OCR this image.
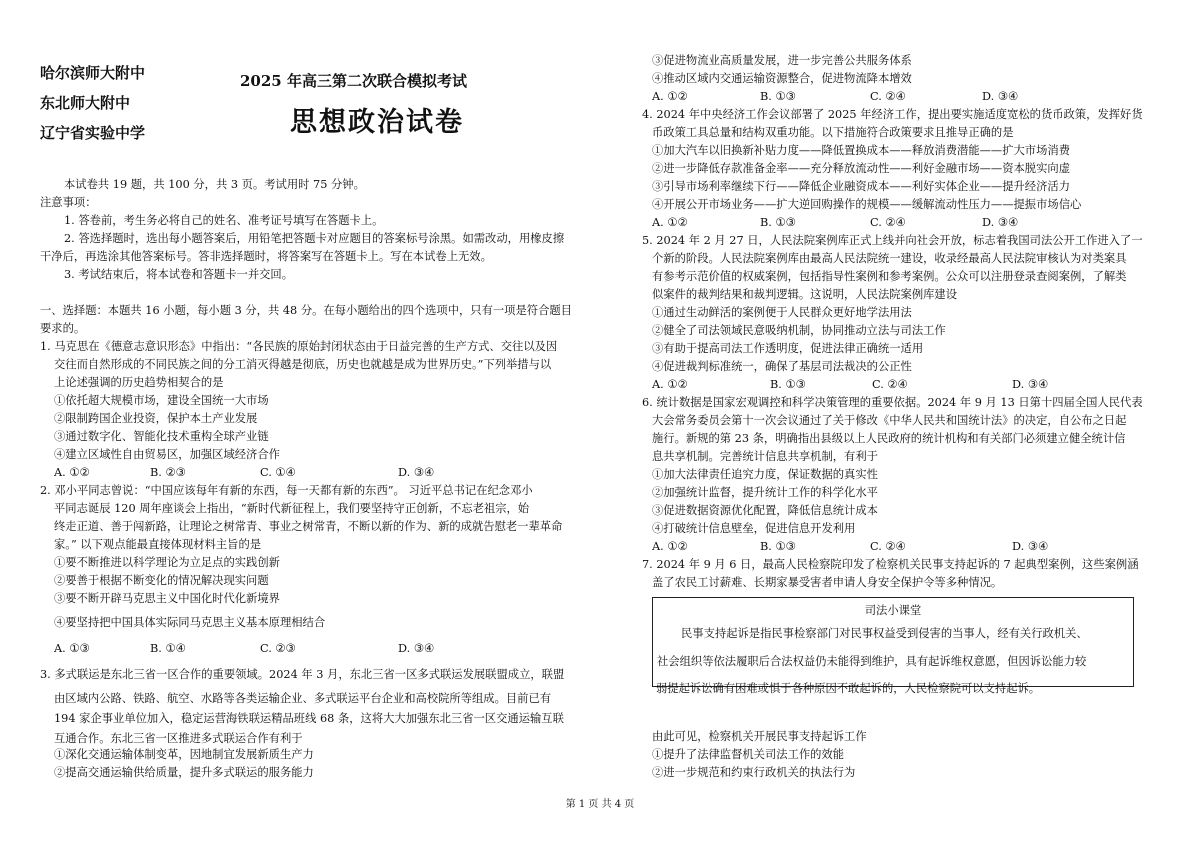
哈尔滨师大附中
东北师大附中
辽宁省实验中学
2025 年高三第二次联合模拟考试
思想政治试卷
本试卷共 19 题，共 100 分，共 3 页。考试用时 75 分钟。
注意事项：
1. 答卷前，考生务必将自己的姓名、准考证号填写在答题卡上。
2. 答选择题时，选出每小题答案后，用铅笔把答题卡对应题目的答案标号涂黑。如需改动，用橡皮擦
干净后，再选涂其他答案标号。答非选择题时，将答案写在答题卡上。写在本试卷上无效。
3. 考试结束后，将本试卷和答题卡一并交回。
一、选择题：本题共 16 小题，每小题 3 分，共 48 分。在每小题给出的四个选项中，只有一项是符合题目
要求的。
1. 马克思在《德意志意识形态》中指出：“各民族的原始封闭状态由于日益完善的生产方式、交往以及因
交往而自然形成的不同民族之间的分工消灭得越是彻底，历史也就越是成为世界历史。”下列举措与以
上论述强调的历史趋势相契合的是
①依托超大规模市场，建设全国统一大市场
②限制跨国企业投资，保护本土产业发展
③通过数字化、智能化技术重构全球产业链
④建立区域性自由贸易区，加强区域经济合作
A. ①②	B. ②③	C. ①④	D. ③④
2. 邓小平同志曾说：“中国应该每年有新的东西，每一天都有新的东西”。 习近平总书记在纪念邓小
平同志诞辰 120 周年座谈会上指出，“新时代新征程上，我们要坚持守正创新，不忘老祖宗，始
终走正道、善于闯新路，让理论之树常青、事业之树常青，不断以新的作为、新的成就告慰老一辈革命
家。” 以下观点能最直接体现材料主旨的是
①要不断推进以科学理论为立足点的实践创新
②要善于根据不断变化的情况解决现实问题
③要不断开辟马克思主义中国化时代化新境界
④要坚持把中国具体实际同马克思主义基本原理相结合
A. ①③	B. ①④	C. ②③	D. ③④
3. 多式联运是东北三省一区合作的重要领域。2024 年 3 月，东北三省一区多式联运发展联盟成立，联盟
由区域内公路、铁路、航空、水路等各类运输企业、多式联运平台企业和高校院所等组成。目前已有
194 家企事业单位加入，稳定运营海铁联运精品班线 68 条，这将大大加强东北三省一区交通运输互联
互通合作。东北三省一区推进多式联运合作有利于
①深化交通运输体制变革，因地制宜发展新质生产力
②提高交通运输供给质量，提升多式联运的服务能力
③促进物流业高质量发展，进一步完善公共服务体系
④推动区域内交通运输资源整合，促进物流降本增效
A. ①②	B. ①③	C. ②④	D. ③④
4. 2024 年中央经济工作会议部署了 2025 年经济工作，提出要实施适度宽松的货币政策，发挥好货
币政策工具总量和结构双重功能。以下措施符合政策要求且推导正确的是
①加大汽车以旧换新补贴力度——降低置换成本——释放消费潜能——扩大市场消费
②进一步降低存款准备金率——充分释放流动性——利好金融市场——资本脱实向虚
③引导市场利率继续下行——降低企业融资成本——利好实体企业——提升经济活力
④开展公开市场业务——扩大逆回购操作的规模——缓解流动性压力——提振市场信心
A. ①②	B. ①③	C. ②④	D. ③④
5. 2024 年 2 月 27 日，人民法院案例库正式上线并向社会开放，标志着我国司法公开工作进入了一
个新的阶段。人民法院案例库由最高人民法院统一建设，收录经最高人民法院审核认为对类案具
有参考示范价值的权威案例，包括指导性案例和参考案例。公众可以注册登录查阅案例，了解类
似案件的裁判结果和裁判逻辑。这说明，人民法院案例库建设
①通过生动鲜活的案例便于人民群众更好地学法用法
②健全了司法领域民意吸纳机制，协同推动立法与司法工作
③有助于提高司法工作透明度，促进法律正确统一适用
④促进裁判标准统一，确保了基层司法裁决的公正性
A. ①②	B. ①③	C. ②④	D. ③④
6. 统计数据是国家宏观调控和科学决策管理的重要依据。2024 年 9 月 13 日第十四届全国人民代表
大会常务委员会第十一次会议通过了关于修改《中华人民共和国统计法》的决定，自公布之日起
施行。新规的第 23 条，明确指出县级以上人民政府的统计机构和有关部门必须建立健全统计信
息共享机制。完善统计信息共享机制，有利于
①加大法律责任追究力度，保证数据的真实性
②加强统计监督，提升统计工作的科学化水平
③促进数据资源优化配置，降低信息统计成本
④打破统计信息壁垒，促进信息开发利用
A. ①②	B. ①③	C. ②④	D. ③④
7. 2024 年 9 月 6 日，最高人民检察院印发了检察机关民事支持起诉的 7 起典型案例，这些案例涵
盖了农民工讨薪难、长期家暴受害者申请人身安全保护令等多种情况。
司法小课堂
民事支持起诉是指民事检察部门对民事权益受到侵害的当事人，经有关行政机关、
社会组织等依法履职后合法权益仍未能得到维护，具有起诉维权意愿，但因诉讼能力较
弱提起诉讼确有困难或惧于各种原因不敢起诉的，人民检察院可以支持起诉。
由此可见，检察机关开展民事支持起诉工作
①提升了法律监督机关司法工作的效能
②进一步规范和约束行政机关的执法行为
第 1 页 共 4 页
